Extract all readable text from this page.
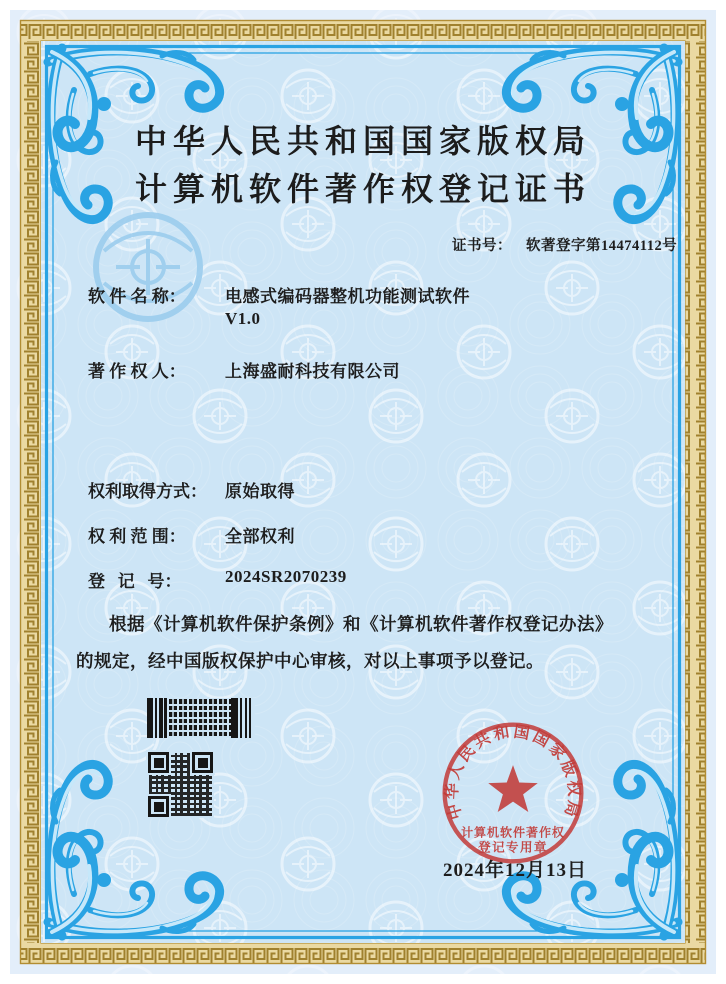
中华人民共和国国家版权局
计算机软件著作权登记证书
证书号： 软著登字第14474112号
软 件 名 称： 电感式编码器整机功能测试软件
V1.0
著 作 权 人： 上海盛耐科技有限公司
权利取得方式： 原始取得
权 利 范 围： 全部权利
登   记   号：	2024SR2070239
根据《计算机软件保护条例》和《计算机软件著作权登记办法》的规定，经中国版权保护中心审核，对以上事项予以登记。
2024年12月13日
中华人民共和国国家版权局
计算机软件著作权
登记专用章
